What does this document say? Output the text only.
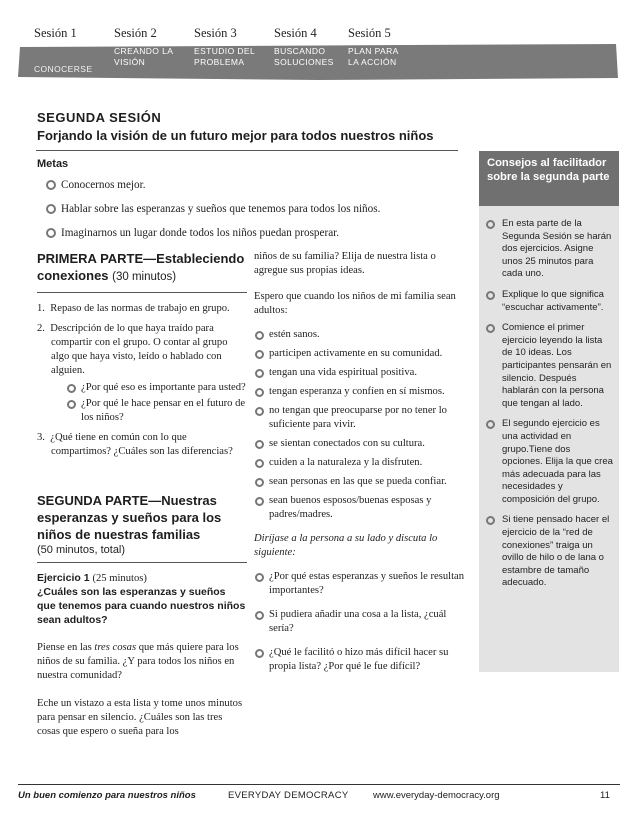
Sesión 1
CONOCERSE
Sesión 2
CREANDO LA
VISIÓN
Sesión 3
ESTUDIO DEL
PROBLEMA
Sesión 4
BUSCANDO
SOLUCIONES
Sesión 5
PLAN PARA
LA ACCIÓN
SEGUNDA SESIÓN
Forjando la visión de un futuro mejor para todos nuestros niños
Metas
Conocernos mejor.
Hablar sobre las esperanzas y sueños que tenemos para todos los niños.
Imaginarnos un lugar donde todos los niños puedan prosperar.
PRIMERA PARTE—Estableciendo
conexiones (30 minutos)
1.  Repaso de las normas de trabajo en grupo.
2.  Descripción de lo que haya traído para compartir con el grupo. O contar al grupo algo que haya visto, leído o hablado con alguien.
¿Por qué eso es importante para usted?
¿Por qué le hace pensar en el futuro de los niños?
3.  ¿Qué tiene en común con lo que compartimos? ¿Cuáles son las diferencias?
SEGUNDA PARTE—Nuestras
esperanzas y sueños para los
niños de nuestras familias
(50 minutos, total)
Ejercicio 1 (25 minutos)
¿Cuáles son las esperanzas y sueños que tenemos para cuando nuestros niños sean adultos?

Piense en las tres cosas que más quiere para los niños de su familia. ¿Y para todos los niños en nuestra comunidad?

Eche un vistazo a esta lista y tome unos minutos para pensar en silencio. ¿Cuáles son las tres cosas que espero o sueña para los

niños de su familia? Elija de nuestra lista o agregue sus propias ideas.

Espero que cuando los niños de mi familia sean adultos:

estén sanos.
participen activamente en su comunidad.
tengan una vida espiritual positiva.
tengan esperanza y confíen en sí mismos.
no tengan que preocuparse por no tener lo suficiente para vivir.
se sientan conectados con su cultura.
cuiden a la naturaleza y la disfruten.
sean personas en las que se pueda confiar.
sean buenos esposos/buenas esposas y padres/madres.

Diríjase a la persona a su lado y discuta lo siguiente:

¿Por qué estas esperanzas y sueños le resultan importantes?
Si pudiera añadir una cosa a la lista, ¿cuál sería?
¿Qué le facilitó o hizo más difícil hacer su propia lista? ¿Por qué le fue difícil?
Consejos al facilitador sobre la segunda parte
En esta parte de la Segunda Sesión se harán dos ejercicios. Asigne unos 25 minutos para cada uno.
Explique lo que significa “escuchar activamente”.
Comience el primer ejercicio leyendo la lista de 10 ideas. Los participantes pensarán en silencio. Después hablarán con la persona que tengan al lado.
El segundo ejercicio es una actividad en grupo.Tiene dos opciones. Elija la que crea más adecuada para las necesidades y composición del grupo.
Si tiene pensado hacer el ejercicio de la “red de conexiones” traiga un ovillo de hilo o de lana o estambre de tamaño adecuado.
Un buen comienzo para nuestros niños	EVERYDAY DEMOCRACY	www.everyday-democracy.org	11
